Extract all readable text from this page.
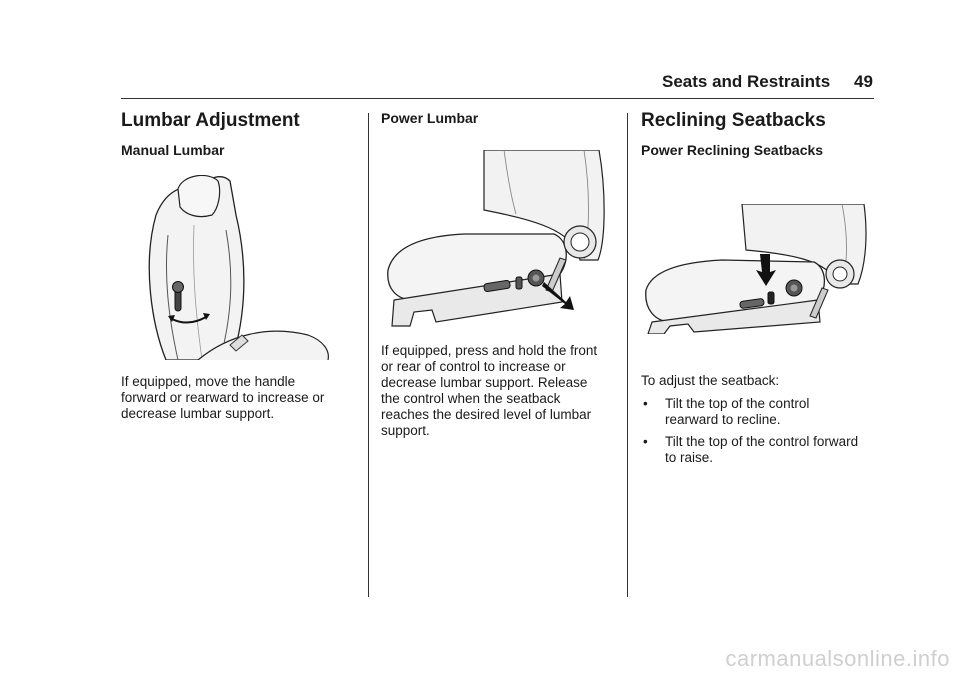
Seats and Restraints 49
Lumbar Adjustment
Manual Lumbar
If equipped, move the handle
forward or rearward to increase or
decrease lumbar support.
Power Lumbar
If equipped, press and hold the front
or rear of control to increase or
decrease lumbar support. Release
the control when the seatback
reaches the desired level of lumbar
support.
Reclining Seatbacks
Power Reclining Seatbacks
To adjust the seatback:
• Tilt the top of the control
rearward to recline.
• Tilt the top of the control forward
to raise.
carmanualsonline.info
